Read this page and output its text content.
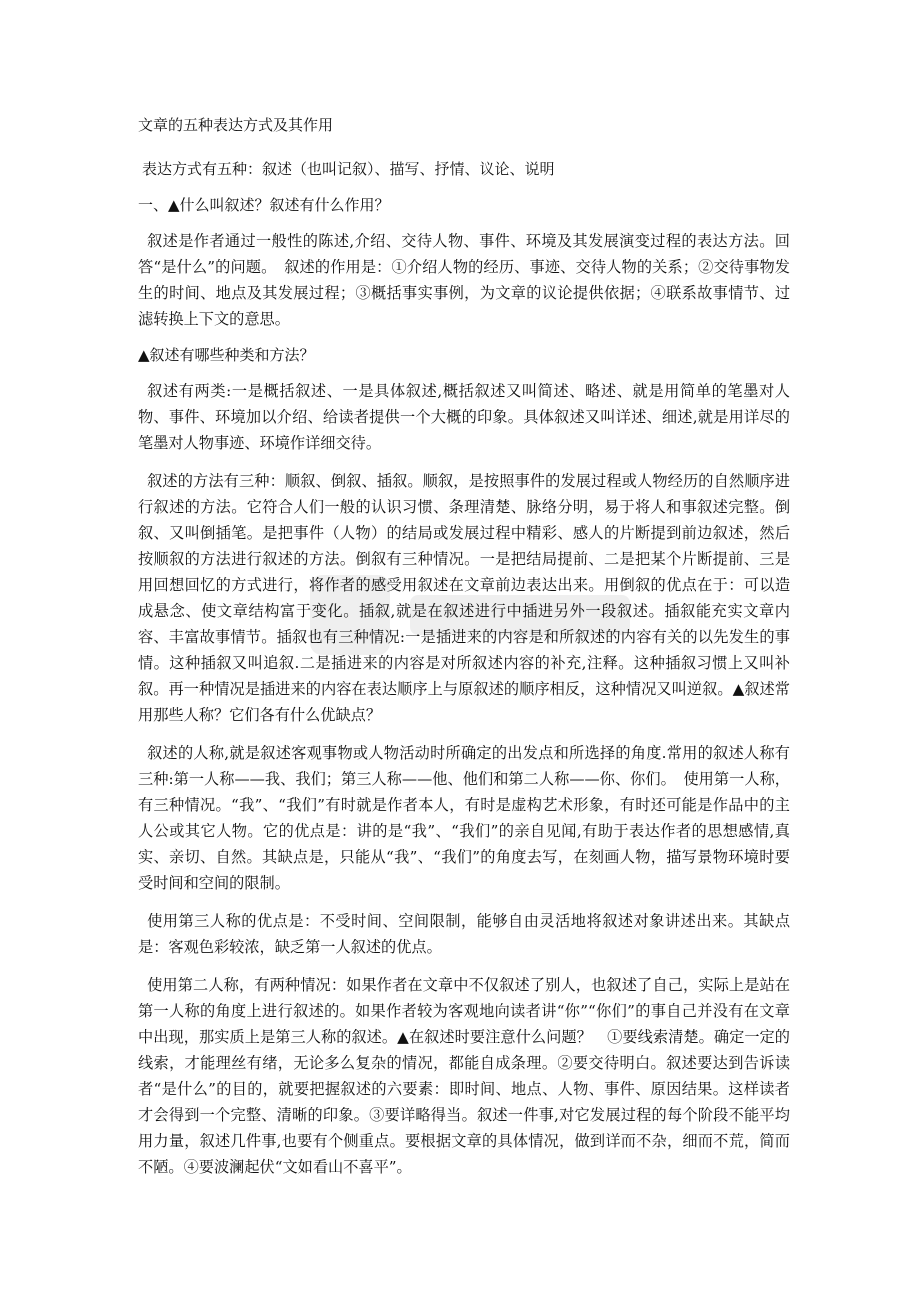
文章的五种表达方式及其作用
表达方式有五种：叙述（也叫记叙）、描写、抒情、议论、说明
一、▲什么叫叙述？叙述有什么作用？
叙述是作者通过一般性的陈述,介绍、交待人物、事件、环境及其发展演变过程的表达方法。回答“是什么”的问题。　叙述的作用是：①介绍人物的经历、事迹、交待人物的关系；②交待事物发生的时间、地点及其发展过程；③概括事实事例，为文章的议论提供依据；④联系故事情节、过滤转换上下文的意思。
▲叙述有哪些种类和方法？
叙述有两类:一是概括叙述、一是具体叙述,概括叙述又叫简述、略述、就是用简单的笔墨对人物、事件、环境加以介绍、给读者提供一个大概的印象。具体叙述又叫详述、细述,就是用详尽的笔墨对人物事迹、环境作详细交待。
叙述的方法有三种：顺叙、倒叙、插叙。顺叙，是按照事件的发展过程或人物经历的自然顺序进行叙述的方法。它符合人们一般的认识习惯、条理清楚、脉络分明，易于将人和事叙述完整。倒叙、又叫倒插笔。是把事件（人物）的结局或发展过程中精彩、感人的片断提到前边叙述，然后按顺叙的方法进行叙述的方法。倒叙有三种情况。一是把结局提前、二是把某个片断提前、三是用回想回忆的方式进行，将作者的感受用叙述在文章前边表达出来。用倒叙的优点在于：可以造成悬念、使文章结构富于变化。插叙,就是在叙述进行中插进另外一段叙述。插叙能充实文章内容、丰富故事情节。插叙也有三种情况:一是插进来的内容是和所叙述的内容有关的以先发生的事情。这种插叙又叫追叙.二是插进来的内容是对所叙述内容的补充,注释。这种插叙习惯上又叫补叙。再一种情况是插进来的内容在表达顺序上与原叙述的顺序相反，这种情况又叫逆叙。▲叙述常用那些人称？它们各有什么优缺点？
叙述的人称,就是叙述客观事物或人物活动时所确定的出发点和所选择的角度.常用的叙述人称有三种:第一人称——我、我们；第三人称——他、他们和第二人称——你、你们。　使用第一人称，有三种情况。“我”、“我们”有时就是作者本人，有时是虚构艺术形象，有时还可能是作品中的主人公或其它人物。它的优点是：讲的是“我”、“我们”的亲自见闻,有助于表达作者的思想感情,真实、亲切、自然。其缺点是，只能从“我”、“我们”的角度去写，在刻画人物，描写景物环境时要受时间和空间的限制。
使用第三人称的优点是：不受时间、空间限制，能够自由灵活地将叙述对象讲述出来。其缺点是：客观色彩较浓，缺乏第一人叙述的优点。
使用第二人称，有两种情况：如果作者在文章中不仅叙述了别人，也叙述了自己，实际上是站在第一人称的角度上进行叙述的。如果作者较为客观地向读者讲“你”“你们”的事自己并没有在文章中出现，那实质上是第三人称的叙述。▲在叙述时要注意什么问题？　①要线索清楚。确定一定的线索，才能理丝有绪，无论多么复杂的情况，都能自成条理。②要交待明白。叙述要达到告诉读者“是什么”的目的，就要把握叙述的六要素：即时间、地点、人物、事件、原因结果。这样读者才会得到一个完整、清晰的印象。③要详略得当。叙述一件事,对它发展过程的每个阶段不能平均用力量，叙述几件事,也要有个侧重点。要根据文章的具体情况，做到详而不杂，细而不荒，简而不陋。④要波澜起伏“文如看山不喜平”。
